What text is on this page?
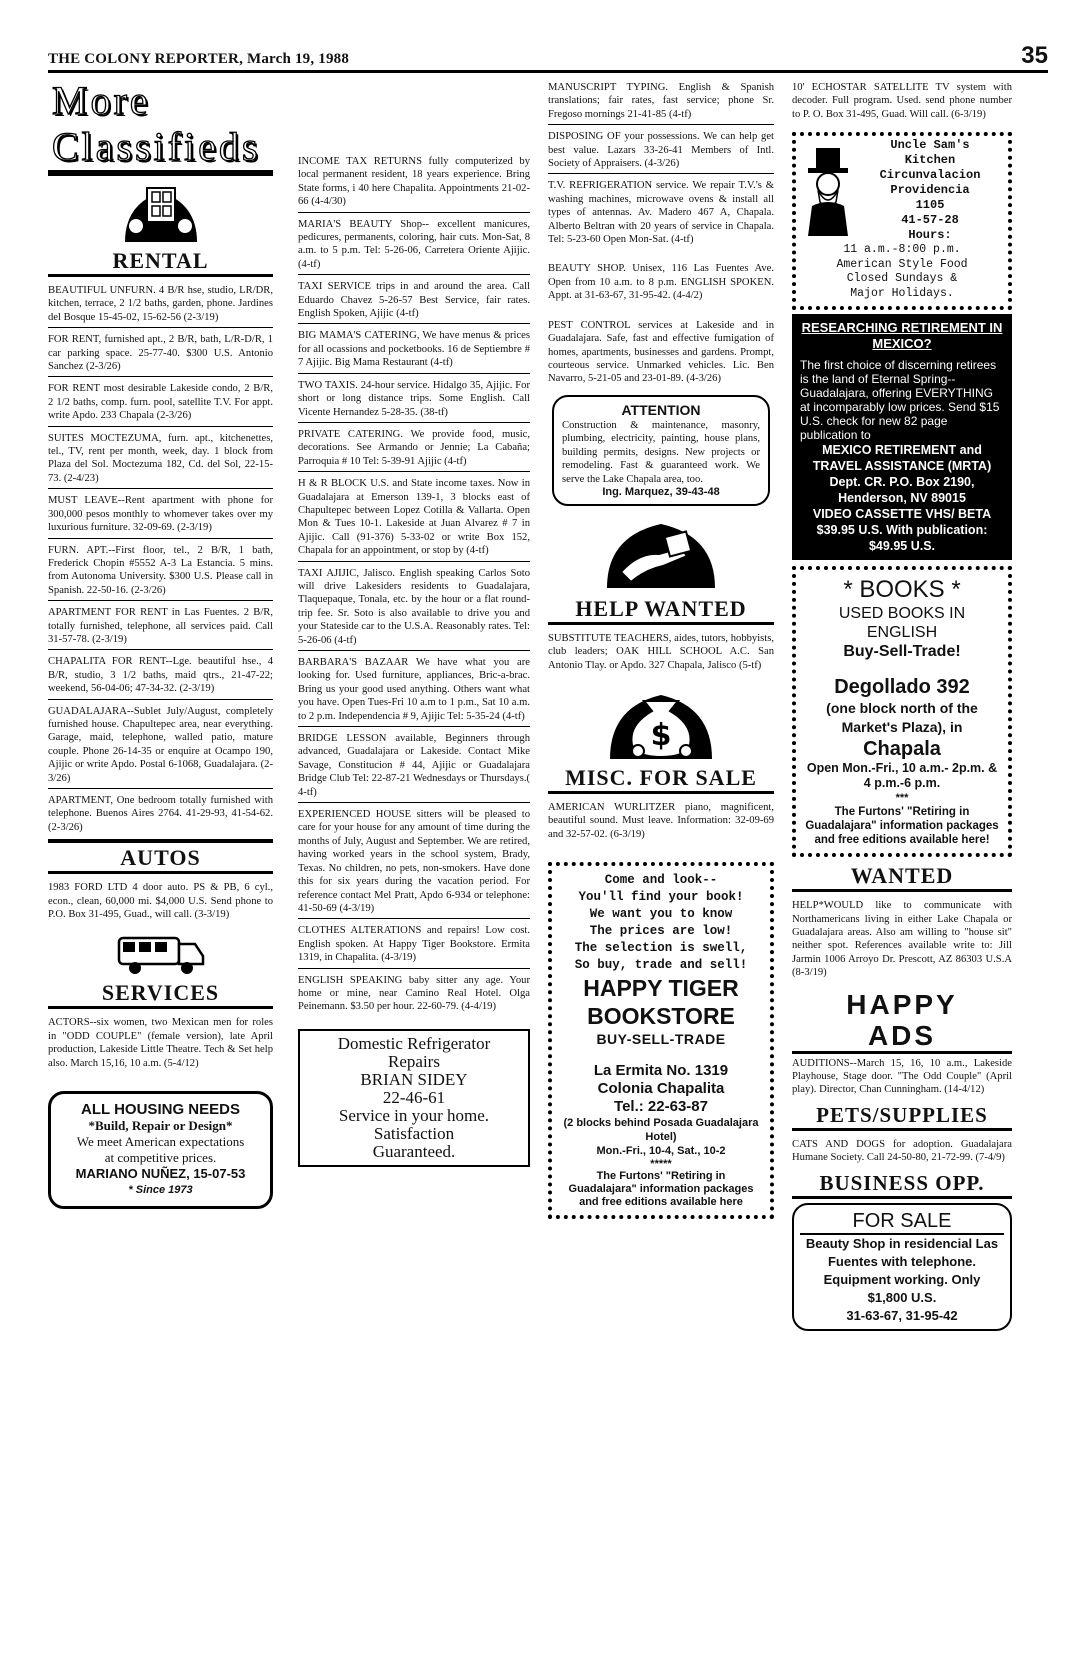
THE COLONY REPORTER, March 19, 1988	35
More Classifieds
RENTAL
BEAUTIFUL UNFURN. 4 B/R hse, studio, LR/DR, kitchen, terrace, 2 1/2 baths, garden, phone. Jardines del Bosque 15-45-02, 15-62-56 (2-3/19)
FOR RENT, furnished apt., 2 B/R, bath, L/R-D/R, 1 car parking space. 25-77-40. $300 U.S. Antonio Sanchez (2-3/26)
FOR RENT most desirable Lakeside condo, 2 B/R, 2 1/2 baths, comp. furn. pool, satellite T.V. For appt. write Apdo. 233 Chapala (2-3/26)
SUITES MOCTEZUMA, furn. apt., kitchenettes, tel., TV, rent per month, week, day. 1 block from Plaza del Sol. Moctezuma 182, Cd. del Sol, 22-15-73. (2-4/23)
MUST LEAVE--Rent apartment with phone for 300,000 pesos monthly to whomever takes over my luxurious furniture. 32-09-69. (2-3/19)
FURN. APT.--First floor, tel., 2 B/R, 1 bath, Frederick Chopin #5552 A-3 La Estancia. 5 mins. from Autonoma University. $300 U.S. Please call in Spanish. 22-50-16. (2-3/26)
APARTMENT FOR RENT in Las Fuentes. 2 B/R, totally furnished, telephone, all services paid. Call 31-57-78. (2-3/19)
CHAPALITA FOR RENT--Lge. beautiful hse., 4 B/R, studio, 3 1/2 baths, maid qtrs., 21-47-22; weekend, 56-04-06; 47-34-32. (2-3/19)
GUADALAJARA--Sublet July/August, completely furnished house. Chapultepec area, near everything. Garage, maid, telephone, walled patio, mature couple. Phone 26-14-35 or enquire at Ocampo 190, Ajijic or write Apdo. Postal 6-1068, Guadalajara. (2-3/26)
APARTMENT, One bedroom totally furnished with telephone. Buenos Aires 2764. 41-29-93, 41-54-62. (2-3/26)
AUTOS
1983 FORD LTD 4 door auto. PS & PB, 6 cyl., econ., clean, 60,000 mi. $4,000 U.S. Send phone to P.O. Box 31-495, Guad., will call. (3-3/19)
SERVICES
ACTORS--six women, two Mexican men for roles in "ODD COUPLE" (female version), late April production, Lakeside Little Theatre. Tech & Set help also. March 15,16, 10 a.m. (5-4/12)
ALL HOUSING NEEDS
*Build, Repair or Design*
We meet American expectations
at competitive prices.
MARIANO NUÑEZ, 15-07-53
* Since 1973
INCOME TAX RETURNS fully computerized by local permanent resident, 18 years experience. Bring State forms, i 40 here Chapalita. Appointments 21-02-66 (4-4/30)
MARIA'S BEAUTY Shop-- excellent manicures, pedicures, permanents, coloring, hair cuts. Mon-Sat, 8 a.m. to 5 p.m. Tel: 5-26-06, Carretera Oriente Ajijic. (4-tf)
TAXI SERVICE trips in and around the area. Call Eduardo Chavez 5-26-57 Best Service, fair rates. English Spoken, Ajijic (4-tf)
BIG MAMA'S CATERING, We have menus & prices for all ocassions and pocketbooks. 16 de Septiembre # 7 Ajijic. Big Mama Restaurant (4-tf)
TWO TAXIS. 24-hour service. Hidalgo 35, Ajijic. For short or long distance trips. Some English. Call Vicente Hernandez 5-28-35. (38-tf)
PRIVATE CATERING. We provide food, music, decorations. See Armando or Jennie; La Cabaña; Parroquia # 10 Tel: 5-39-91 Ajijic (4-tf)
H & R BLOCK U.S. and State income taxes. Now in Guadalajara at Emerson 139-1, 3 blocks east of Chapultepec between Lopez Cotilla & Vallarta. Open Mon & Tues 10-1. Lakeside at Juan Alvarez # 7 in Ajijic. Call (91-376) 5-33-02 or write Box 152, Chapala for an appointment, or stop by (4-tf)
TAXI AJIJIC, Jalisco. English speaking Carlos Soto will drive Lakesiders residents to Guadalajara, Tlaquepaque, Tonala, etc. by the hour or a flat round-trip fee. Sr. Soto is also available to drive you and your Stateside car to the U.S.A. Reasonably rates. Tel: 5-26-06 (4-tf)
BARBARA'S BAZAAR We have what you are looking for. Used furniture, appliances, Bric-a-brac. Bring us your good used anything. Others want what you have. Open Tues-Fri 10 a.m to 1 p.m., Sat 10 a.m. to 2 p.m. Independencia # 9, Ajijic Tel: 5-35-24 (4-tf)
BRIDGE LESSON available, Beginners through advanced, Guadalajara or Lakeside. Contact Mike Savage, Constitucion # 44, Ajijic or Guadalajara Bridge Club Tel: 22-87-21 Wednesdays or Thursdays.( 4-tf)
EXPERIENCED HOUSE sitters will be pleased to care for your house for any amount of time during the months of July, August and September. We are retired, having worked years in the school system, Brady, Texas. No children, no pets, non-smokers. Have done this for six years during the vacation period. For reference contact Mel Pratt, Apdo 6-934 or telephone: 41-50-69 (4-3/19)
CLOTHES ALTERATIONS and repairs! Low cost. English spoken. At Happy Tiger Bookstore. Ermita 1319, in Chapalita. (4-3/19)
ENGLISH SPEAKING baby sitter any age. Your home or mine, near Camino Real Hotel. Olga Peinemann. $3.50 per hour. 22-60-79. (4-4/19)
Domestic Refrigerator
Repairs
BRIAN SIDEY
22-46-61
Service in your home.
Satisfaction
Guaranteed.
MANUSCRIPT TYPING. English & Spanish translations; fair rates, fast service; phone Sr. Fregoso mornings 21-41-85 (4-tf)
DISPOSING OF your possessions. We can help get best value. Lazars 33-26-41 Members of Intl. Society of Appraisers. (4-3/26)
T.V. REFRIGERATION service. We repair T.V.'s & washing machines, microwave ovens & install all types of antennas. Av. Madero 467 A, Chapala. Alberto Beltran with 20 years of service in Chapala. Tel: 5-23-60 Open Mon-Sat. (4-tf)
BEAUTY SHOP. Unisex, 116 Las Fuentes Ave. Open from 10 a.m. to 8 p.m. ENGLISH SPOKEN. Appt. at 31-63-67, 31-95-42. (4-4/2)
PEST CONTROL services at Lakeside and in Guadalajara. Safe, fast and effective fumigation of homes, apartments, businesses and gardens. Prompt, courteous service. Unmarked vehicles. Lic. Ben Navarro, 5-21-05 and 23-01-89. (4-3/26)
ATTENTION
Construction & maintenance, masonry, plumbing, electricity, painting, house plans, building permits, designs. New projects or remodeling. Fast & guaranteed work. We serve the Lake Chapala area, too.
Ing. Marquez, 39-43-48
HELP WANTED
SUBSTITUTE TEACHERS, aides, tutors, hobbyists, club leaders; OAK HILL SCHOOL A.C. San Antonio Tlay. or Apdo. 327 Chapala, Jalisco (5-tf)
$
MISC. FOR SALE
AMERICAN WURLITZER piano, magnificent, beautiful sound. Must leave. Information: 32-09-69 and 32-57-02. (6-3/19)
Come and look--
You'll find your book!
We want you to know
The prices are low!
The selection is swell,
So buy, trade and sell!
HAPPY TIGER
BOOKSTORE
BUY-SELL-TRADE
La Ermita No. 1319
Colonia Chapalita
Tel.: 22-63-87
(2 blocks behind Posada Guadalajara Hotel)
Mon.-Fri., 10-4, Sat., 10-2
*****
The Furtons' "Retiring in Guadalajara" information packages and free editions available here
10' ECHOSTAR SATELLITE TV system with decoder. Full program. Used. send phone number to P. O. Box 31-495, Guad. Will call. (6-3/19)
Uncle Sam's
Kitchen
Circunvalacion
Providencia
1105
41-57-28
Hours:
11 a.m.-8:00 p.m.
American Style Food
Closed Sundays &
Major Holidays.
RESEARCHING RETIREMENT IN MEXICO?

The first choice of discerning retirees is the land of Eternal Spring--Guadalajara, offering EVERYTHING at incomparably low prices. Send $15 U.S. check for new 82 page publication to

MEXICO RETIREMENT and TRAVEL ASSISTANCE (MRTA)
Dept. CR. P.O. Box 2190, Henderson, NV 89015
VIDEO CASSETTE VHS/ BETA $39.95 U.S. With publication: $49.95 U.S.
* BOOKS *
USED BOOKS IN ENGLISH
Buy-Sell-Trade!
Degollado 392
(one block north of the Market's Plaza), in
Chapala
Open Mon.-Fri., 10 a.m.- 2p.m. & 4 p.m.-6 p.m.
***
The Furtons' "Retiring in Guadalajara" information packages and free editions available here!
WANTED
HELP*WOULD like to communicate with Northamericans living in either Lake Chapala or Guadalajara areas. Also am willing to "house sit" neither spot. References available write to: Jill Jarmin 1006 Arroyo Dr. Prescott, AZ 86303 U.S.A (8-3/19)
HAPPY
ADS
AUDITIONS--March 15, 16, 10 a.m., Lakeside Playhouse, Stage door. "The Odd Couple" (April play). Director, Chan Cunningham. (14-4/12)
PETS/SUPPLIES
CATS AND DOGS for adoption. Guadalajara Humane Society. Call 24-50-80, 21-72-99. (7-4/9)
BUSINESS OPP.
FOR SALE
Beauty Shop in residencial Las Fuentes with telephone. Equipment working. Only
$1,800 U.S.
31-63-67, 31-95-42
